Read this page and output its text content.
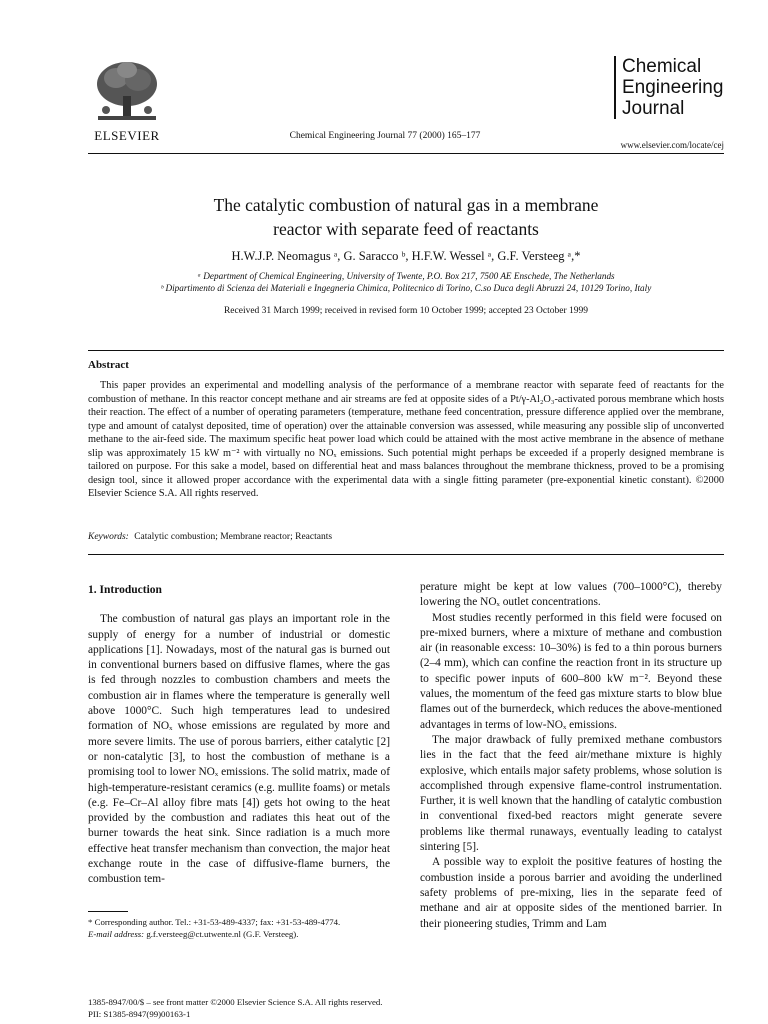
ELSEVIER	Chemical Engineering Journal 77 (2000) 165–177
Chemical
Engineering
Journal
www.elsevier.com/locate/cej
The catalytic combustion of natural gas in a membrane
reactor with separate feed of reactants
H.W.J.P. Neomagus ᵃ, G. Saracco ᵇ, H.F.W. Wessel ᵃ, G.F. Versteeg ᵃ,*
ᵃ Department of Chemical Engineering, University of Twente, P.O. Box 217, 7500 AE Enschede, The Netherlands
ᵇ Dipartimento di Scienza dei Materiali e Ingegneria Chimica, Politecnico di Torino, C.so Duca degli Abruzzi 24, 10129 Torino, Italy
Received 31 March 1999; received in revised form 10 October 1999; accepted 23 October 1999
Abstract

This paper provides an experimental and modelling analysis of the performance of a membrane reactor with separate feed of reactants for the combustion of methane. In this reactor concept methane and air streams are fed at opposite sides of a Pt/γ-Al₂O₃-activated porous membrane which hosts their reaction. The effect of a number of operating parameters (temperature, methane feed concentration, pressure difference applied over the membrane, type and amount of catalyst deposited, time of operation) over the attainable conversion was assessed, while measuring any possible slip of unconverted methane to the air-feed side. The maximum specific heat power load which could be attained with the most active membrane in the absence of methane slip was approximately 15 kW m⁻² with virtually no NOₓ emissions. Such potential might perhaps be exceeded if a properly designed membrane is tailored on purpose. For this sake a model, based on differential heat and mass balances throughout the membrane thickness, proved to be a promising design tool, since it allowed proper accordance with the experimental data with a single fitting parameter (pre-exponential kinetic constant). ©2000 Elsevier Science S.A. All rights reserved.

Keywords: Catalytic combustion; Membrane reactor; Reactants
1. Introduction

The combustion of natural gas plays an important role in the supply of energy for a number of industrial or domestic applications [1]. Nowadays, most of the natural gas is burned out in conventional burners based on diffusive flames, where the gas is fed through nozzles to combustion chambers and meets the combustion air in flames where the temperature is generally well above 1000°C. Such high temperatures lead to undesired formation of NOₓ whose emissions are regulated by more and more severe limits. The use of porous barriers, either catalytic [2] or non-catalytic [3], to host the combustion of methane is a promising tool to lower NOₓ emissions. The solid matrix, made of high-temperature-resistant ceramics (e.g. mullite foams) or metals (e.g. Fe–Cr–Al alloy fibre mats [4]) gets hot owing to the heat provided by the combustion and radiates this heat out of the burner towards the heat sink. Since radiation is a much more effective heat transfer mechanism than convection, the major heat exchange route in the case of diffusive-flame burners, the combustion tem-

perature might be kept at low values (700–1000°C), thereby lowering the NOₓ outlet concentrations.

Most studies recently performed in this field were focused on pre-mixed burners, where a mixture of methane and combustion air (in reasonable excess: 10–30%) is fed to a thin porous burners (2–4 mm), which can confine the reaction front in its structure up to specific power inputs of 600–800 kW m⁻². Beyond these values, the momentum of the feed gas mixture starts to blow blue flames out of the burnerdeck, which reduces the above-mentioned advantages in terms of low-NOₓ emissions.

The major drawback of fully premixed methane combustors lies in the fact that the feed air/methane mixture is highly explosive, which entails major safety problems, whose solution is accomplished through expensive flame-control instrumentation. Further, it is well known that the handling of catalytic combustion in conventional fixed-bed reactors might generate severe problems like thermal runaways, eventually leading to catalyst sintering [5].

A possible way to exploit the positive features of hosting the combustion inside a porous barrier and avoiding the underlined safety problems of pre-mixing, lies in the separate feed of methane and air at opposite sides of the mentioned barrier. In their pioneering studies, Trimm and Lam

* Corresponding author. Tel.: +31-53-489-4337; fax: +31-53-489-4774.
E-mail address: g.f.versteeg@ct.utwente.nl (G.F. Versteeg).
1385-8947/00/$ – see front matter ©2000 Elsevier Science S.A. All rights reserved.
PII: S1385-8947(99)00163-1
